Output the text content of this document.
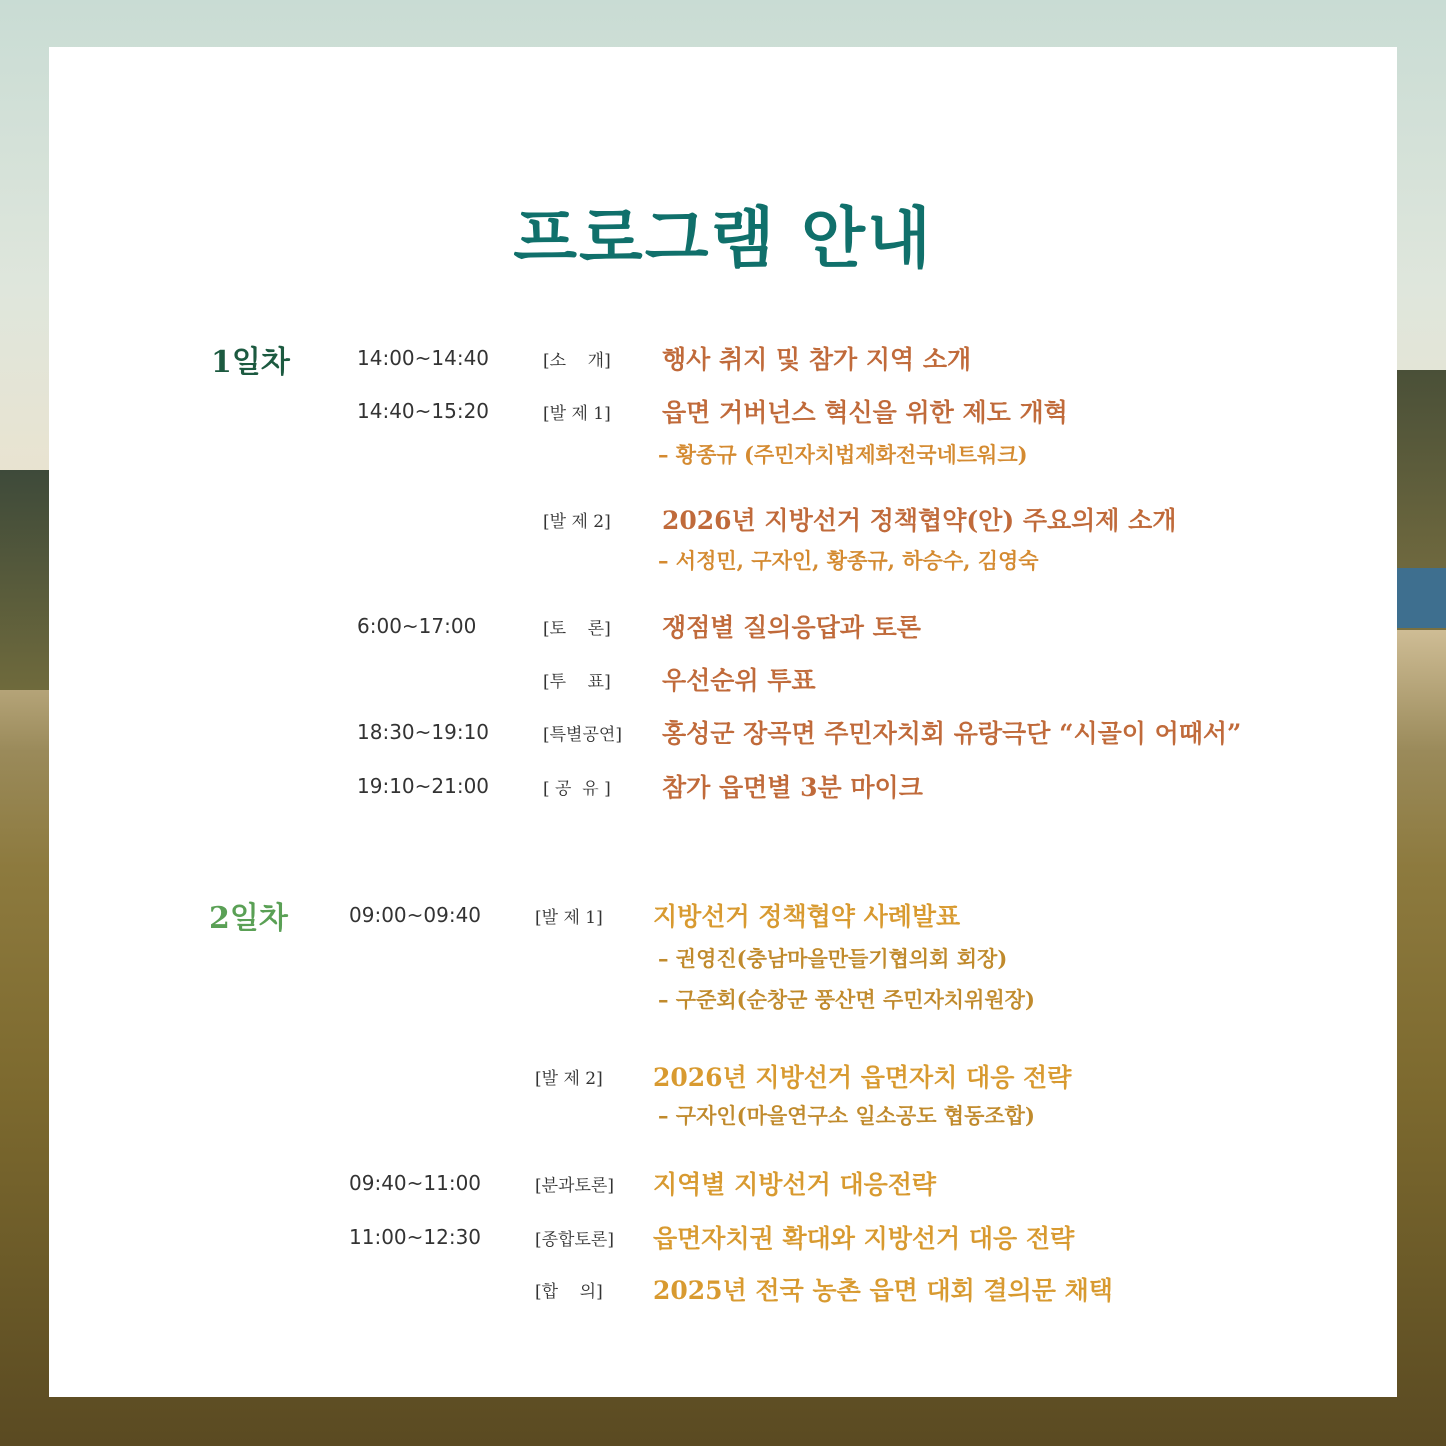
프로그램 안내
1일차	14:00~14:40	[소    개] 행사 취지 및 참가 지역 소개
14:40~15:20	[발 제 1] 읍면 거버넌스 혁신을 위한 제도 개혁
– 황종규 (주민자치법제화전국네트워크)
[발 제 2] 2026년 지방선거 정책협약(안) 주요의제 소개
– 서정민, 구자인, 황종규, 하승수, 김영숙
6:00~17:00	[토    론] 쟁점별 질의응답과 토론
[투    표] 우선순위 투표
18:30~19:10	[특별공연] 홍성군 장곡면 주민자치회 유랑극단 “시골이 어때서”
19:10~21:00	[ 공  유 ] 참가 읍면별 3분 마이크
2일차	09:00~09:40	[발 제 1] 지방선거 정책협약 사례발표
– 권영진(충남마을만들기협의회 회장)
– 구준회(순창군 풍산면 주민자치위원장)
[발 제 2] 2026년 지방선거 읍면자치 대응 전략
– 구자인(마을연구소 일소공도 협동조합)
09:40~11:00	[분과토론] 지역별 지방선거 대응전략
11:00~12:30	[종합토론] 읍면자치권 확대와 지방선거 대응 전략
[합    의] 2025년 전국 농촌 읍면 대회 결의문 채택
